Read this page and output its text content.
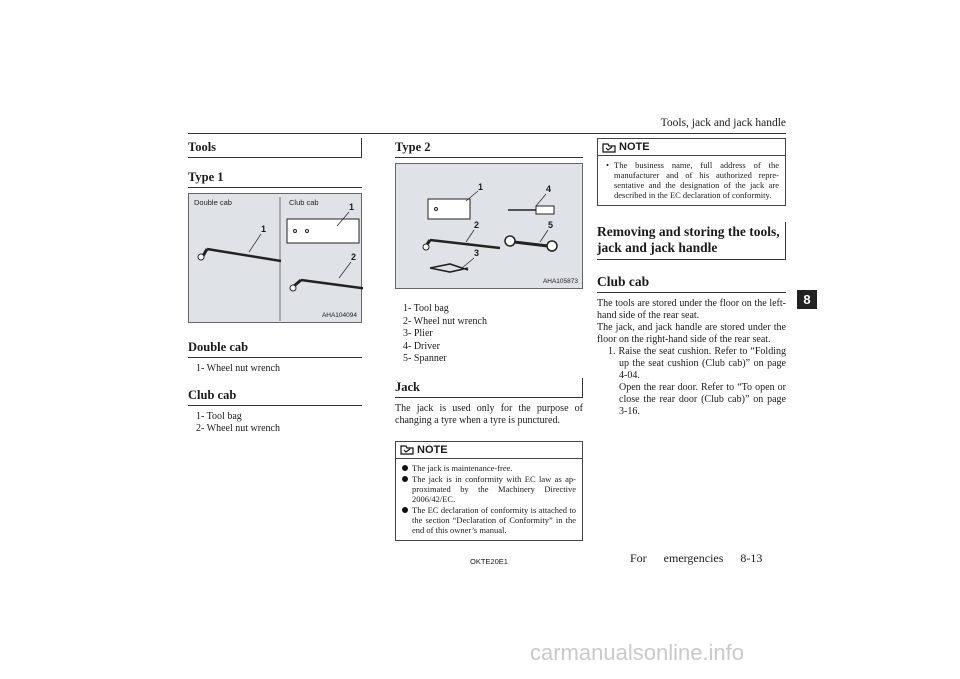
Tools, jack and jack handle
Tools
Type 1
Double cab	Club cab
1
1
2
AHA104094
Double cab
1- Wheel nut wrench
Club cab
1- Tool bag
2- Wheel nut wrench
Type 2
1
2
3
4
5
AHA105873
1- Tool bag
2- Wheel nut wrench
3- Plier
4- Driver
5- Spanner
Jack

The jack is used only for the purpose of changing a tyre when a tyre is punctured.

NOTE
The jack is maintenance-free.
The jack is in conformity with EC law as ap-proximated by the Machinery Directive 2006/42/EC.
The EC declaration of conformity is attached to the section “Declaration of Conformity” in the end of this owner’s manual.
NOTE
• The business name, full address of the manufacturer and of his authorized repre-sentative and the designation of the jack are described in the EC declaration of conformity.
Removing and storing the tools, jack and jack handle
Club cab

The tools are stored under the floor on the left-hand side of the rear seat.

The jack, and jack handle are stored under the floor on the right-hand side of the rear seat.

1. Raise the seat cushion. Refer to “Folding up the seat cushion (Club cab)” on page 4-04.

Open the rear door. Refer to “To open or close the rear door (Club cab)” on page 3-16.

8
OKTE20E1	For emergencies 8-13
carmanualsonline.info
